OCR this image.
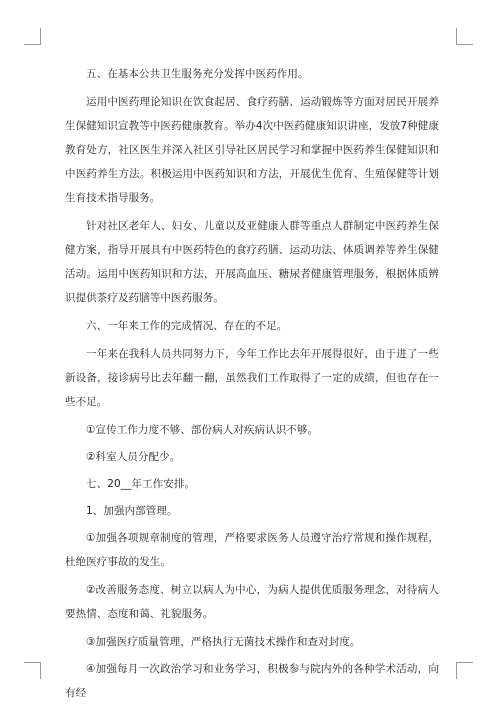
五、在基本公共卫生服务充分发挥中医药作用。

运用中医药理论知识在饮食起居、食疗药膳、运动锻炼等方面对居民开展养生保健知识宣教等中医药健康教育。举办4次中医药健康知识讲座，发放7种健康教育处方，社区医生并深入社区引导社区居民学习和掌握中医药养生保健知识和中医药养生方法。积极运用中医药知识和方法，开展优生优育、生殖保健等计划生育技术指导服务。

针对社区老年人、妇女、儿童以及亚健康人群等重点人群制定中医药养生保健方案，指导开展具有中医药特色的食疗药膳、运动功法、体质调养等养生保健活动。运用中医药知识和方法，开展高血压、糖尿者健康管理服务，根据体质辨识提供茶疗及药膳等中医药服务。

六、一年来工作的完成情况、存在的不足。

一年来在我科人员共同努力下，今年工作比去年开展得很好，由于进了一些新设备，接诊病号比去年翻一翻，虽然我们工作取得了一定的成绩，但也存在一些不足。

①宣传工作力度不够、部份病人对疾病认识不够。

②科室人员分配少。

七、20__年工作安排。

1、加强内部管理。

①加强各项规章制度的管理，严格要求医务人员遵守治疗常规和操作规程，杜绝医疗事故的发生。

②改善服务态度、树立以病人为中心，为病人提供优质服务理念，对待病人要热情、态度和蔼、礼貌服务。

③加强医疗质量管理，严格执行无菌技术操作和查对封度。

④加强每月一次政治学习和业务学习，积极参与院内外的各种学术活动，向有经
